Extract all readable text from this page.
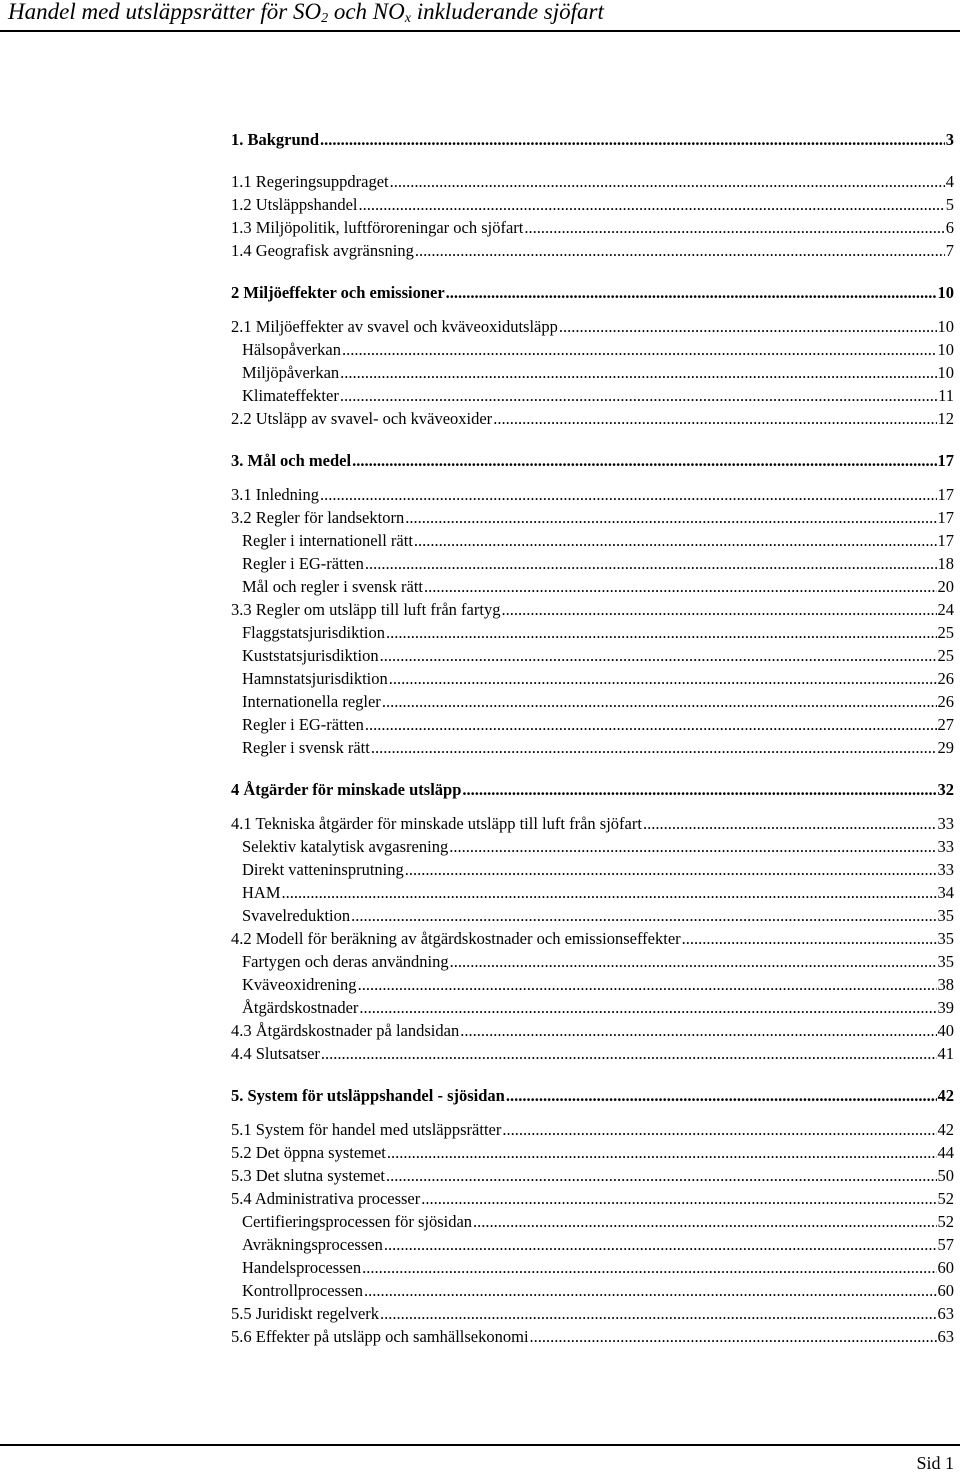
Handel med utsläppsrätter för $SO_2$ och $NO_x$ inkluderande sjöfart
1. Bakgrund .....	3
1.1 Regeringsuppdraget .....	4
1.2 Utsläppshandel .....	5
1.3 Miljöpolitik, luftföroreningar och sjöfart .....	6
1.4 Geografisk avgränsning .....	7
2 Miljöeffekter och emissioner .....	10
2.1 Miljöeffekter av svavel och kväveoxidutsläpp .....	10
Hälsopåverkan .....	10
Miljöpåverkan .....	10
Klimateffekter .....	11
2.2 Utsläpp av svavel- och kväveoxider .....	12
3. Mål och medel .....	17
3.1 Inledning .....	17
3.2 Regler för landsektorn .....	17
Regler i internationell rätt .....	17
Regler i EG-rätten .....	18
Mål och regler i svensk rätt .....	20
3.3 Regler om utsläpp till luft från fartyg .....	24
Flaggstatsjurisdiktion .....	25
Kuststatsjurisdiktion .....	25
Hamnstatsjurisdiktion .....	26
Internationella regler .....	26
Regler i EG-rätten .....	27
Regler i svensk rätt .....	29
4 Åtgärder för minskade utsläpp .....	32
4.1 Tekniska åtgärder för minskade utsläpp till luft från sjöfart .....	33
Selektiv katalytisk avgasrening .....	33
Direkt vatteninsprutning .....	33
HAM .....	34
Svavelreduktion .....	35
4.2 Modell för beräkning av åtgärdskostnader och emissionseffekter .....	35
Fartygen och deras användning .....	35
Kväveoxidrening .....	38
Åtgärdskostnader .....	39
4.3 Åtgärdskostnader på landsidan .....	40
4.4 Slutsatser .....	41
5. System för utsläppshandel - sjösidan .....	42
5.1 System för handel med utsläppsrätter .....	42
5.2 Det öppna systemet .....	44
5.3 Det slutna systemet .....	50
5.4 Administrativa processer .....	52
Certifieringsprocessen för sjösidan .....	52
Avräkningsprocessen .....	57
Handelsprocessen .....	60
Kontrollprocessen .....	60
5.5 Juridiskt regelverk .....	63
5.6 Effekter på utsläpp och samhällsekonomi .....	63
Sid 1
